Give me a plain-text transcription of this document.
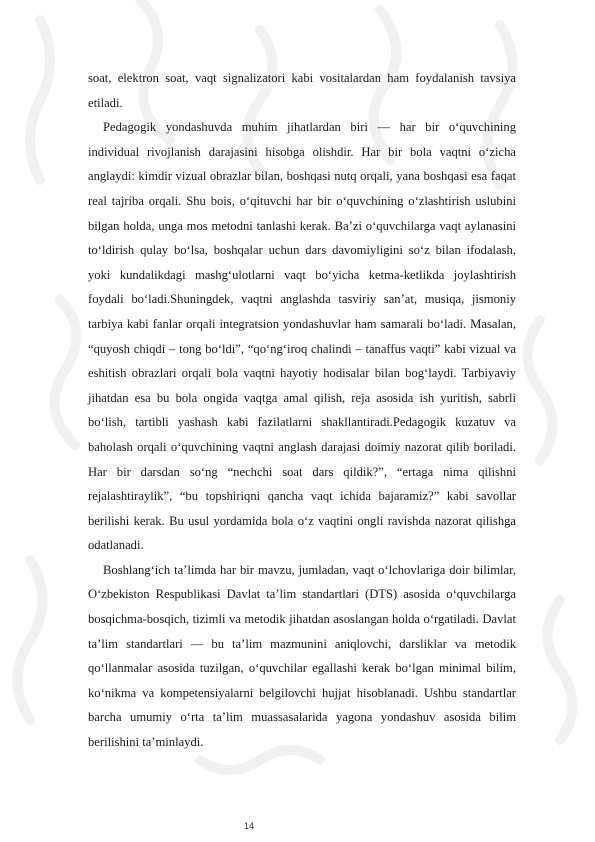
soat, elektron soat, vaqt signalizatori kabi vositalardan ham foydalanish tavsiya etiladi.

Pedagogik yondashuvda muhim jihatlardan biri — har bir o‘quvchining individual rivojlanish darajasini hisobga olishdir. Har bir bola vaqtni o‘zicha anglaydi: kimdir vizual obrazlar bilan, boshqasi nutq orqali, yana boshqasi esa faqat real tajriba orqali. Shu bois, o‘qituvchi har bir o‘quvchining o‘zlashtirish uslubini bilgan holda, unga mos metodni tanlashi kerak. Ba’zi o‘quvchilarga vaqt aylanasini to‘ldirish qulay bo‘lsa, boshqalar uchun dars davomiyligini so‘z bilan ifodalash, yoki kundalikdagi mashg‘ulotlarni vaqt bo‘yicha ketma-ketlikda joylashtirish foydali bo‘ladi.Shuningdek, vaqtni anglashda tasviriy san’at, musiqa, jismoniy tarbiya kabi fanlar orqali integratsion yondashuvlar ham samarali bo‘ladi. Masalan, “quyosh chiqdi – tong bo‘ldi”, “qo‘ng‘iroq chalindi – tanaffus vaqti” kabi vizual va eshitish obrazlari orqali bola vaqtni hayotiy hodisalar bilan bog‘laydi. Tarbiyaviy jihatdan esa bu bola ongida vaqtga amal qilish, reja asosida ish yuritish, sabrli bo‘lish, tartibli yashash kabi fazilatlarni shakllantiradi.Pedagogik kuzatuv va baholash orqali o‘quvchining vaqtni anglash darajasi doimiy nazorat qilib boriladi. Har bir darsdan so‘ng “nechchi soat dars qildik?”, “ertaga nima qilishni rejalashtiraylik”, “bu topshiriqni qancha vaqt ichida bajaramiz?” kabi savollar berilishi kerak. Bu usul yordamida bola o‘z vaqtini ongli ravishda nazorat qilishga odatlanadi.

Boshlang‘ich ta’limda har bir mavzu, jumladan, vaqt o‘lchovlariga doir bilimlar, O‘zbekiston Respublikasi Davlat ta’lim standartlari (DTS) asosida o‘quvchilarga bosqichma-bosqich, tizimli va metodik jihatdan asoslangan holda o‘rgatiladi. Davlat ta’lim standartlari — bu ta’lim mazmunini aniqlovchi, darsliklar va metodik qo‘llanmalar asosida tuzilgan, o‘quvchilar egallashi kerak bo‘lgan minimal bilim, ko‘nikma va kompetensiyalarni belgilovchi hujjat hisoblanadi. Ushbu standartlar barcha umumiy o‘rta ta’lim muassasalarida yagona yondashuv asosida bilim berilishini ta’minlaydi.

14
